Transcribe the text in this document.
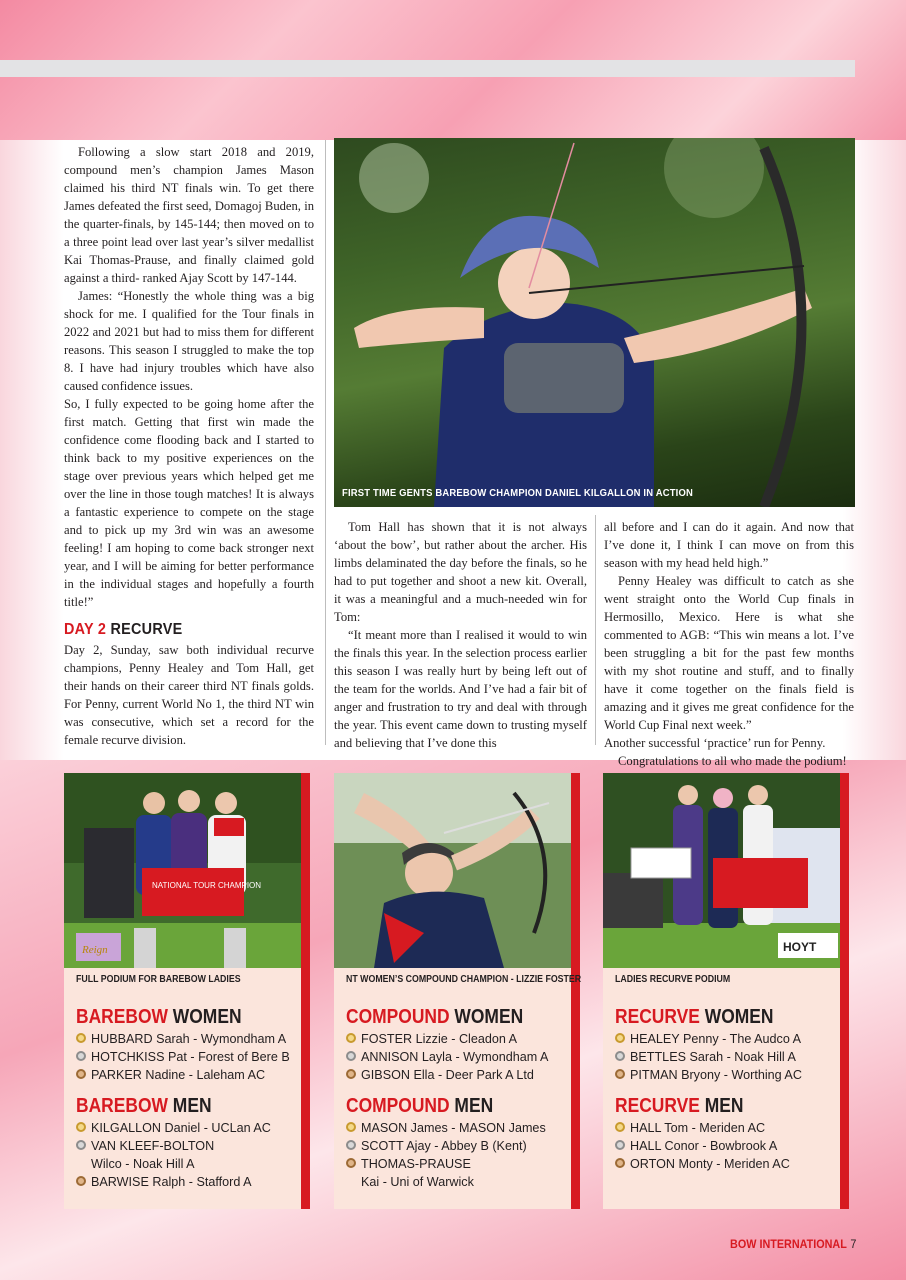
Following a slow start 2018 and 2019, compound men’s champion James Mason claimed his third NT finals win. To get there James defeated the first seed, Domagoj Buden, in the quarter-finals, by 145-144; then moved on to a three point lead over last year’s silver medallist Kai Thomas-Prause, and finally claimed gold against a third- ranked Ajay Scott by 147-144.

James: “Honestly the whole thing was a big shock for me. I qualified for the Tour finals in 2022 and 2021 but had to miss them for different reasons. This season I struggled to make the top 8. I have had injury troubles which have also caused confidence issues.

So, I fully expected to be going home after the first match. Getting that first win made the confidence come flooding back and I started to think back to my positive experiences on the stage over previous years which helped get me over the line in those tough matches! It is always a fantastic experience to compete on the stage and to pick up my 3rd win was an awesome feeling! I am hoping to come back stronger next year, and I will be aiming for better performance in the individual stages and hopefully a fourth title!”

DAY 2 RECURVE

Day 2, Sunday, saw both individual recurve champions, Penny Healey and Tom Hall, get their hands on their career third NT finals golds. For Penny, current World No 1, the third NT win was consecutive, which set a record for the female recurve division.

FIRST TIME GENTS BAREBOW CHAMPION DANIEL KILGALLON IN ACTION

Tom Hall has shown that it is not always ‘about the bow’, but rather about the archer. His limbs delaminated the day before the finals, so he had to put together and shoot a new kit. Overall, it was a meaningful and a much-needed win for Tom:

“It meant more than I realised it would to win the finals this year. In the selection process earlier this season I was really hurt by being left out of the team for the worlds. And I’ve had a fair bit of anger and frustration to try and deal with through the year. This event came down to trusting myself and believing that I’ve done this

all before and I can do it again. And now that I’ve done it, I think I can move on from this season with my head held high.”

Penny Healey was difficult to catch as she went straight onto the World Cup finals in Hermosillo, Mexico. Here is what she commented to AGB: “This win means a lot. I’ve been struggling a bit for the past few months with my shot routine and stuff, and to finally have it come together on the finals field is amazing and it gives me great confidence for the World Cup Final next week.”

Another successful ‘practice’ run for Penny.

Congratulations to all who made the podium!

NATIONAL TOUR CHAMPION
Reign
FULL PODIUM FOR BAREBOW LADIES
BAREBOW WOMEN
HUBBARD Sarah - Wymondham A
HOTCHKISS Pat - Forest of Bere B
PARKER Nadine - Laleham AC
BAREBOW MEN
KILGALLON Daniel - UCLan AC
VAN KLEEF-BOLTON
Wilco - Noak Hill A
BARWISE Ralph - Stafford A
NT WOMEN’S COMPOUND CHAMPION - LIZZIE FOSTER
COMPOUND WOMEN
FOSTER Lizzie - Cleadon A
ANNISON Layla - Wymondham A
GIBSON Ella - Deer Park A Ltd
COMPOUND MEN
MASON James - MASON James
SCOTT Ajay - Abbey B (Kent)
THOMAS-PRAUSE
Kai - Uni of Warwick
HOYT
LADIES RECURVE PODIUM
RECURVE WOMEN
HEALEY Penny - The Audco A
BETTLES Sarah - Noak Hill A
PITMAN Bryony - Worthing AC
RECURVE MEN
HALL Tom - Meriden AC
HALL Conor - Bowbrook A
ORTON Monty - Meriden AC
BOW INTERNATIONAL 7
